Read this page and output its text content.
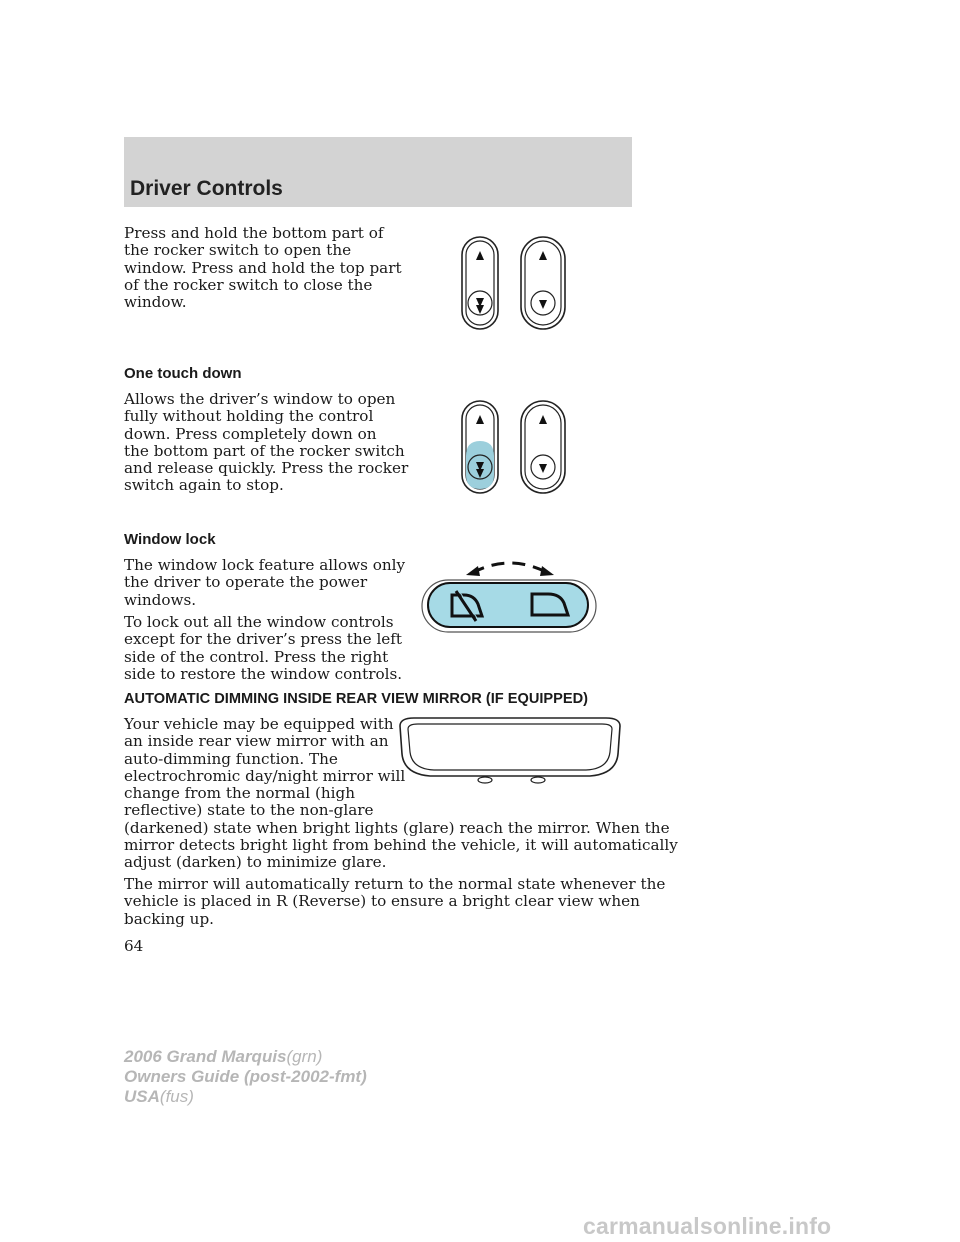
Driver Controls

Press and hold the bottom part of
the rocker switch to open the
window. Press and hold the top part
of the rocker switch to close the
window.

One touch down

Allows the driver’s window to open
fully without holding the control
down. Press completely down on
the bottom part of the rocker switch
and release quickly. Press the rocker
switch again to stop.

Window lock

The window lock feature allows only
the driver to operate the power
windows.

To lock out all the window controls
except for the driver’s press the left
side of the control. Press the right
side to restore the window controls.

AUTOMATIC DIMMING INSIDE REAR VIEW MIRROR (IF EQUIPPED)

Your vehicle may be equipped with
an inside rear view mirror with an
auto-dimming function. The
electrochromic day/night mirror will
change from the normal (high
reflective) state to the non-glare
(darkened) state when bright lights (glare) reach the mirror. When the
mirror detects bright light from behind the vehicle, it will automatically
adjust (darken) to minimize glare.

The mirror will automatically return to the normal state whenever the
vehicle is placed in R (Reverse) to ensure a bright clear view when
backing up.

64
2006 Grand Marquis(grn)
Owners Guide (post-2002-fmt)
USA(fus)
carmanualsonline.info
